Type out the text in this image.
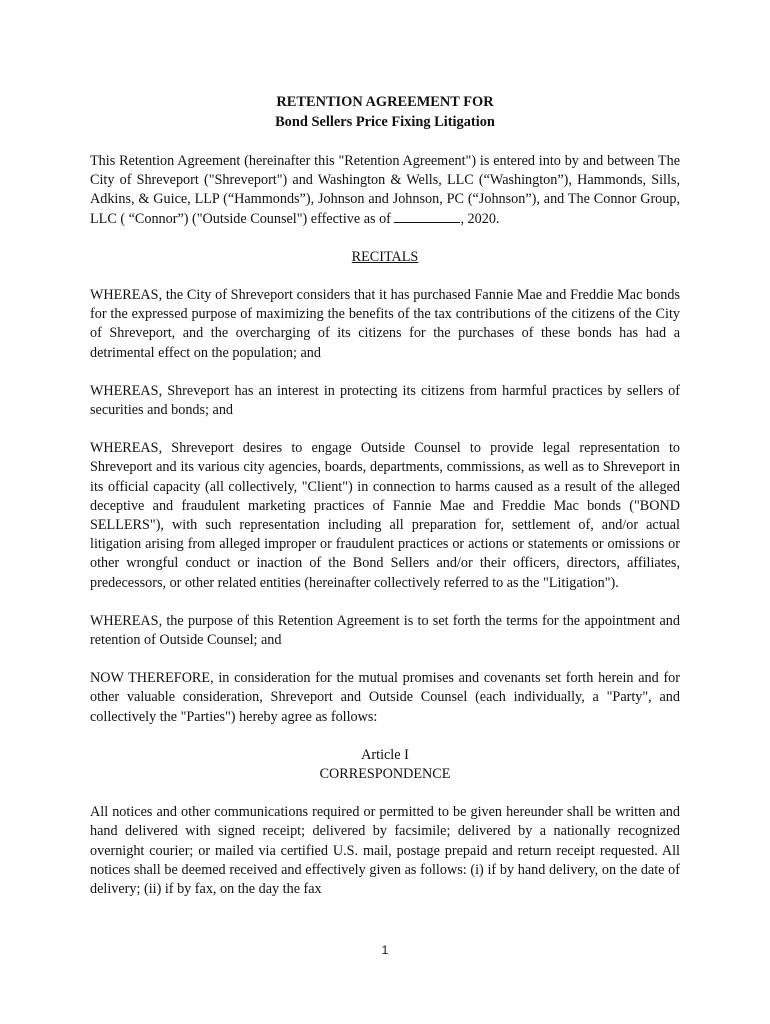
RETENTION AGREEMENT FOR
Bond Sellers Price Fixing Litigation

This Retention Agreement (hereinafter this "Retention Agreement") is entered into by and between The City of Shreveport ("Shreveport") and Washington & Wells, LLC (“Washington”), Hammonds, Sills, Adkins, & Guice, LLP (“Hammonds”), Johnson and Johnson, PC (“Johnson”), and The Connor Group, LLC ( “Connor”) ("Outside Counsel") effective as of	, 2020.

RECITALS

WHEREAS, the City of Shreveport considers that it has purchased Fannie Mae and Freddie Mac bonds for the expressed purpose of maximizing the benefits of the tax contributions of the citizens of the City of Shreveport, and the overcharging of its citizens for the purchases of these bonds has had a detrimental effect on the population; and

WHEREAS, Shreveport has an interest in protecting its citizens from harmful practices by sellers of securities and bonds; and

WHEREAS, Shreveport desires to engage Outside Counsel to provide legal representation to Shreveport and its various city agencies, boards, departments, commissions, as well as to Shreveport in its official capacity (all collectively, "Client") in connection to harms caused as a result of the alleged deceptive and fraudulent marketing practices of Fannie Mae and Freddie Mac bonds ("BOND SELLERS"), with such representation including all preparation for, settlement of, and/or actual litigation arising from alleged improper or fraudulent practices or actions or statements or omissions or other wrongful conduct or inaction of the Bond Sellers and/or their officers, directors, affiliates, predecessors, or other related entities (hereinafter collectively referred to as the "Litigation").

WHEREAS, the purpose of this Retention Agreement is to set forth the terms for the appointment and retention of Outside Counsel; and

NOW THEREFORE, in consideration for the mutual promises and covenants set forth herein and for other valuable consideration, Shreveport and Outside Counsel (each individually, a "Party", and collectively the "Parties") hereby agree as follows:

Article I
CORRESPONDENCE

All notices and other communications required or permitted to be given hereunder shall be written and hand delivered with signed receipt; delivered by facsimile; delivered by a nationally recognized overnight courier; or mailed via certified U.S. mail, postage prepaid and return receipt requested. All notices shall be deemed received and effectively given as follows: (i) if by hand delivery, on the date of delivery; (ii) if by fax, on the day the fax

1
